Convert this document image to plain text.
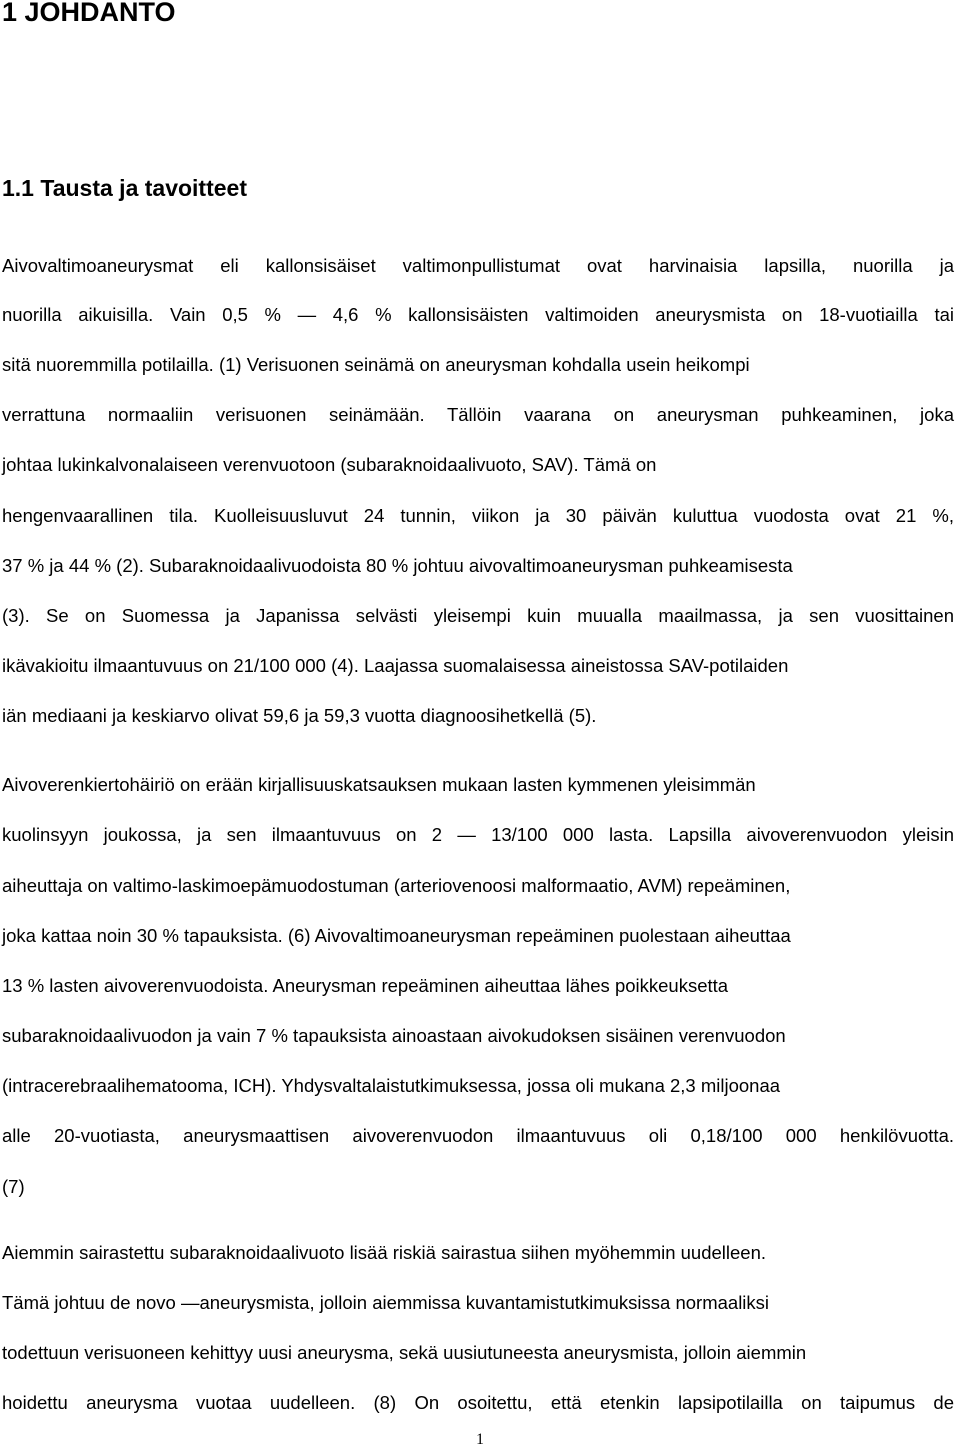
1 JOHDANTO
1.1 Tausta ja tavoitteet

Aivovaltimoaneurysmat eli kallonsisäiset valtimonpullistumat ovat harvinaisia lapsilla, nuorilla ja

nuorilla aikuisilla. Vain 0,5 % — 4,6 % kallonsisäisten valtimoiden aneurysmista on 18-vuotiailla tai

sitä nuoremmilla potilailla. (1) Verisuonen seinämä on aneurysman kohdalla usein heikompi

verrattuna normaaliin verisuonen seinämään. Tällöin vaarana on aneurysman puhkeaminen, joka

johtaa lukinkalvonalaiseen verenvuotoon (subaraknoidaalivuoto, SAV). Tämä on

hengenvaarallinen tila. Kuolleisuusluvut 24 tunnin, viikon ja 30 päivän kuluttua vuodosta ovat 21 %,

37 % ja 44 % (2). Subaraknoidaalivuodoista 80 % johtuu aivovaltimoaneurysman puhkeamisesta

(3). Se on Suomessa ja Japanissa selvästi yleisempi kuin muualla maailmassa, ja sen vuosittainen

ikävakioitu ilmaantuvuus on 21/100 000 (4). Laajassa suomalaisessa aineistossa SAV-potilaiden

iän mediaani ja keskiarvo olivat 59,6 ja 59,3 vuotta diagnoosihetkellä (5).

Aivoverenkiertohäiriö on erään kirjallisuuskatsauksen mukaan lasten kymmenen yleisimmän

kuolinsyyn joukossa, ja sen ilmaantuvuus on 2 — 13/100 000 lasta. Lapsilla aivoverenvuodon yleisin

aiheuttaja on valtimo-laskimoepämuodostuman (arteriovenoosi malformaatio, AVM) repeäminen,

joka kattaa noin 30 % tapauksista. (6) Aivovaltimoaneurysman repeäminen puolestaan aiheuttaa

13 % lasten aivoverenvuodoista. Aneurysman repeäminen aiheuttaa lähes poikkeuksetta

subaraknoidaalivuodon ja vain 7 % tapauksista ainoastaan aivokudoksen sisäinen verenvuodon

(intracerebraalihematooma, ICH). Yhdysvaltalaistutkimuksessa, jossa oli mukana 2,3 miljoonaa

alle 20-vuotiasta, aneurysmaattisen aivoverenvuodon ilmaantuvuus oli 0,18/100 000 henkilövuotta.

(7)

Aiemmin sairastettu subaraknoidaalivuoto lisää riskiä sairastua siihen myöhemmin uudelleen.

Tämä johtuu de novo —aneurysmista, jolloin aiemmissa kuvantamistutkimuksissa normaaliksi

todettuun verisuoneen kehittyy uusi aneurysma, sekä uusiutuneesta aneurysmista, jolloin aiemmin

hoidettu aneurysma vuotaa uudelleen. (8) On osoitettu, että etenkin lapsipotilailla on taipumus de

1
